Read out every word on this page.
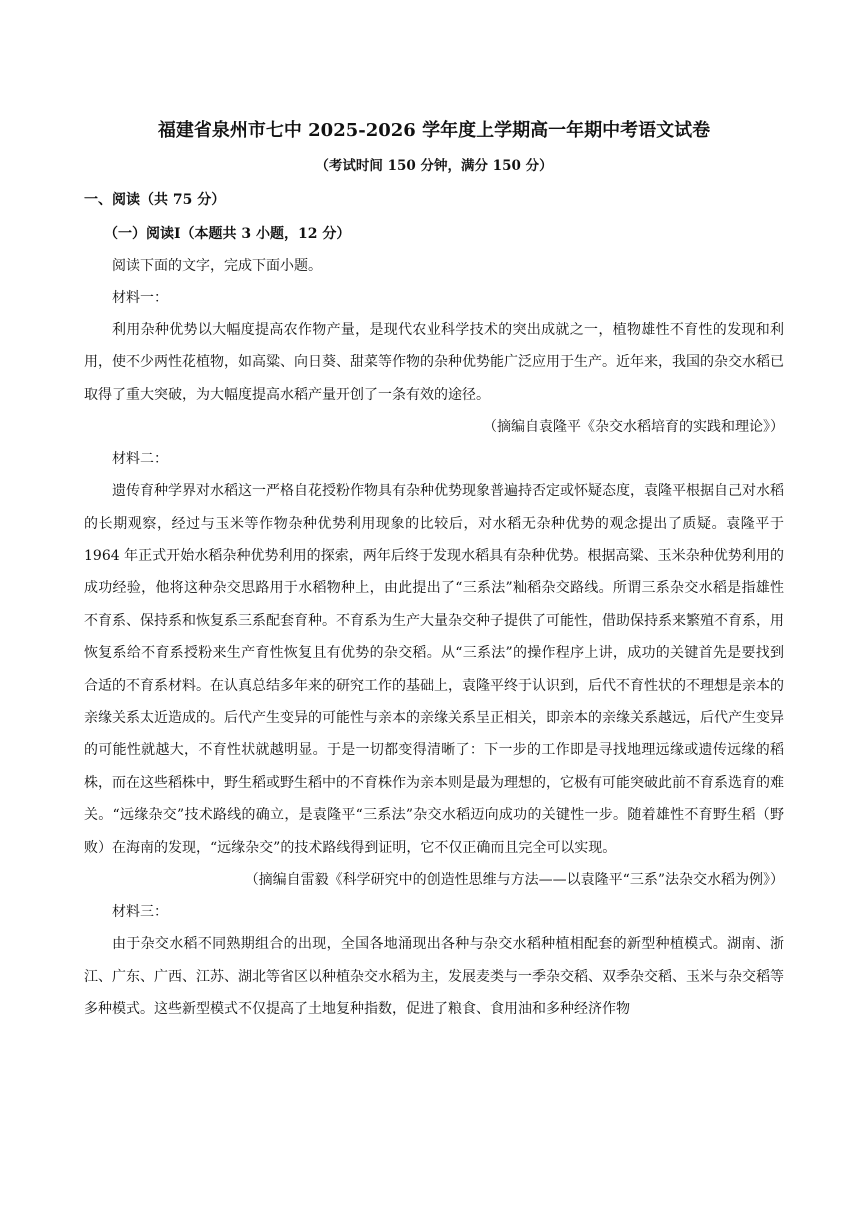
福建省泉州市七中 2025-2026 学年度上学期高一年期中考语文试卷
（考试时间 150 分钟，满分 150 分）
一、阅读（共 75 分）
（一）阅读Ⅰ（本题共 3 小题，12 分）
阅读下面的文字，完成下面小题。
材料一：

利用杂种优势以大幅度提高农作物产量，是现代农业科学技术的突出成就之一，植物雄性不育性的发现和利用，使不少两性花植物，如高粱、向日葵、甜菜等作物的杂种优势能广泛应用于生产。近年来，我国的杂交水稻已取得了重大突破，为大幅度提高水稻产量开创了一条有效的途径。

（摘编自袁隆平《杂交水稻培育的实践和理论》）
材料二：

遗传育种学界对水稻这一严格自花授粉作物具有杂种优势现象普遍持否定或怀疑态度，袁隆平根据自己对水稻的长期观察，经过与玉米等作物杂种优势利用现象的比较后，对水稻无杂种优势的观念提出了质疑。袁隆平于 1964 年正式开始水稻杂种优势利用的探索，两年后终于发现水稻具有杂种优势。根据高粱、玉米杂种优势利用的成功经验，他将这种杂交思路用于水稻物种上，由此提出了“三系法”籼稻杂交路线。所谓三系杂交水稻是指雄性不育系、保持系和恢复系三系配套育种。不育系为生产大量杂交种子提供了可能性，借助保持系来繁殖不育系，用恢复系给不育系授粉来生产育性恢复且有优势的杂交稻。从“三系法”的操作程序上讲，成功的关键首先是要找到合适的不育系材料。在认真总结多年来的研究工作的基础上，袁隆平终于认识到，后代不育性状的不理想是亲本的亲缘关系太近造成的。后代产生变异的可能性与亲本的亲缘关系呈正相关，即亲本的亲缘关系越远，后代产生变异的可能性就越大，不育性状就越明显。于是一切都变得清晰了：下一步的工作即是寻找地理远缘或遗传远缘的稻株，而在这些稻株中，野生稻或野生稻中的不育株作为亲本则是最为理想的，它极有可能突破此前不育系选育的难关。“远缘杂交”技术路线的确立，是袁隆平“三系法”杂交水稻迈向成功的关键性一步。随着雄性不育野生稻（野败）在海南的发现，“远缘杂交”的技术路线得到证明，它不仅正确而且完全可以实现。

（摘编自雷毅《科学研究中的创造性思维与方法——以袁隆平“三系”法杂交水稻为例》）
材料三：

由于杂交水稻不同熟期组合的出现，全国各地涌现出各种与杂交水稻种植相配套的新型种植模式。湖南、浙江、广东、广西、江苏、湖北等省区以种植杂交水稻为主，发展麦类与一季杂交稻、双季杂交稻、玉米与杂交稻等多种模式。这些新型模式不仅提高了土地复种指数，促进了粮食、食用油和多种经济作物
